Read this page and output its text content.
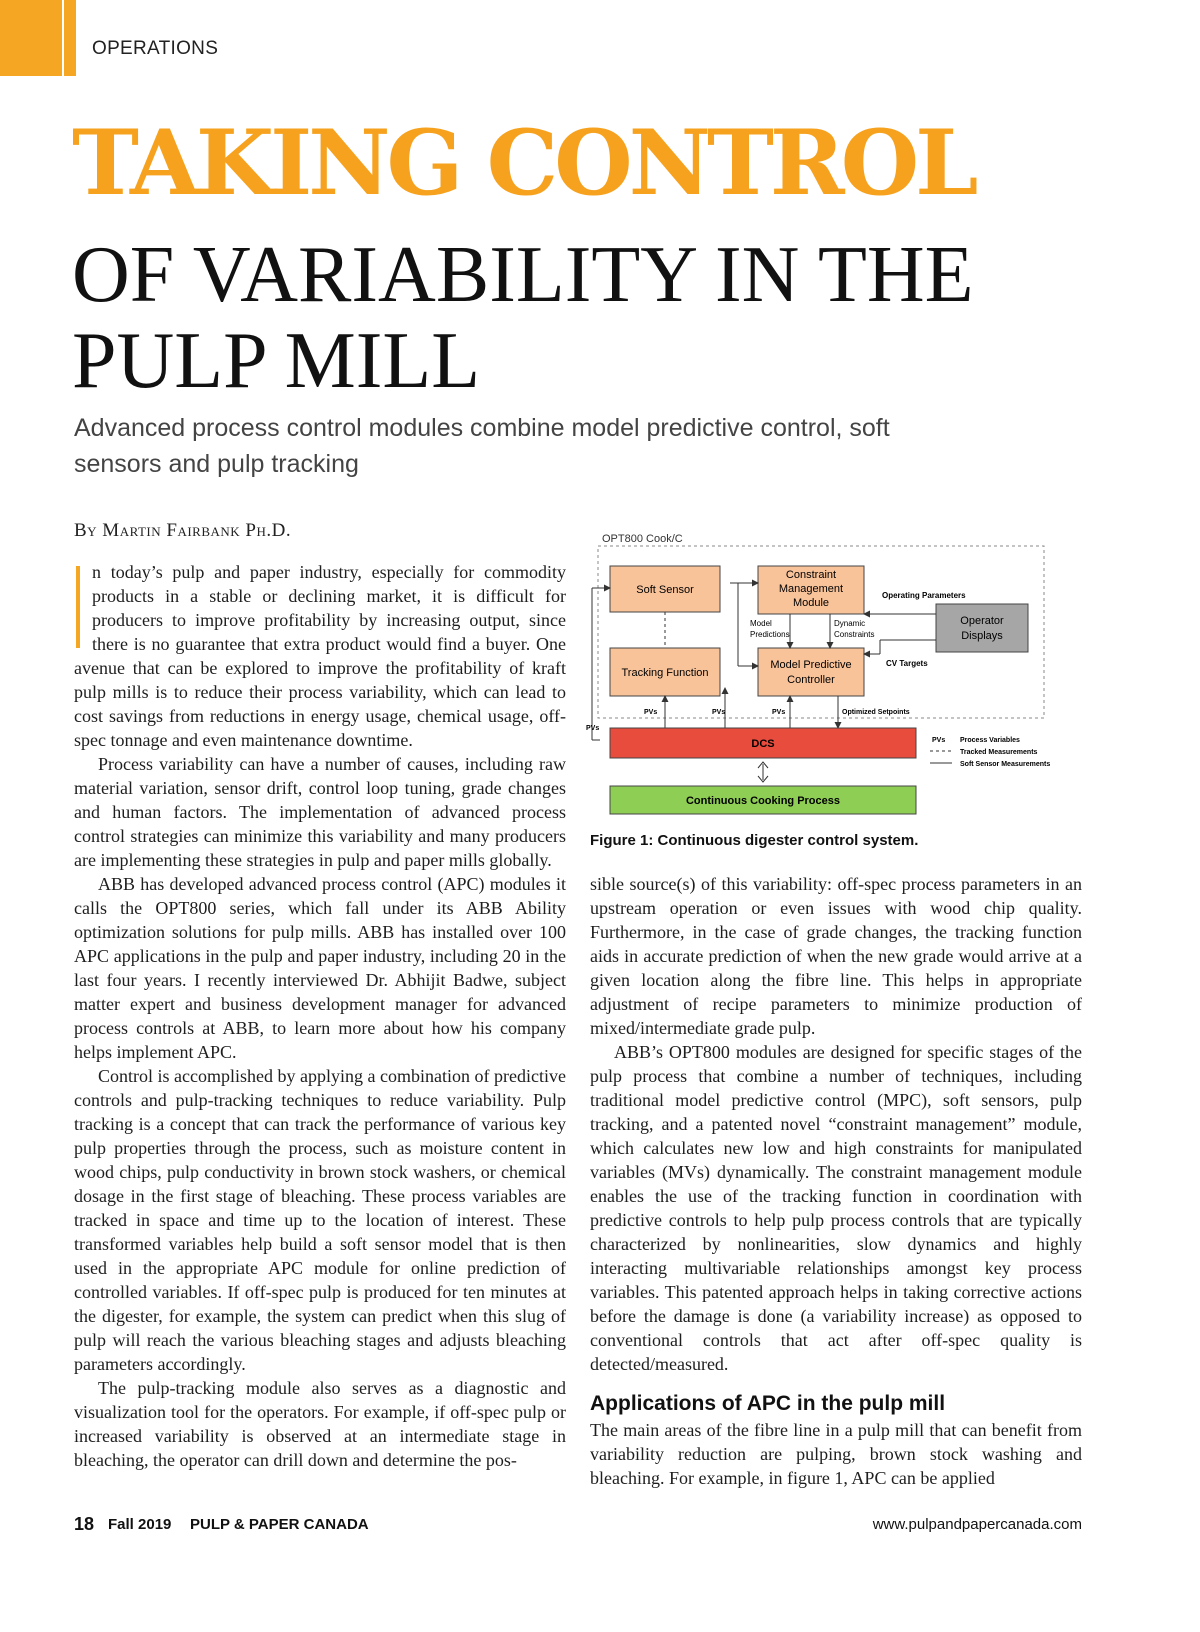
OPERATIONS
TAKING CONTROL
OF VARIABILITY IN THE PULP MILL
Advanced process control modules combine model predictive control, soft sensors and pulp tracking
By Martin Fairbank Ph.D.

n today’s pulp and paper industry, especially for commodity products in a stable or declining market, it is difficult for producers to improve profitability by increasing output, since there is no guarantee that extra product would find a buyer. One avenue that can be explored to improve the profitability of kraft pulp mills is to reduce their process variability, which can lead to cost savings from reductions in energy usage, chemical usage, off-spec tonnage and even maintenance downtime.

Process variability can have a number of causes, including raw material variation, sensor drift, control loop tuning, grade changes and human factors. The implementation of advanced process control strategies can minimize this variability and many producers are implementing these strategies in pulp and paper mills globally.

ABB has developed advanced process control (APC) modules it calls the OPT800 series, which fall under its ABB Ability optimization solutions for pulp mills. ABB has installed over 100 APC applications in the pulp and paper industry, including 20 in the last four years. I recently interviewed Dr. Abhijit Badwe, subject matter expert and business development manager for advanced process controls at ABB, to learn more about how his company helps implement APC.

Control is accomplished by applying a combination of predictive controls and pulp-tracking techniques to reduce variability. Pulp tracking is a concept that can track the performance of various key pulp properties through the process, such as moisture content in wood chips, pulp conductivity in brown stock washers, or chemical dosage in the first stage of bleaching. These process variables are tracked in space and time up to the location of interest. These transformed variables help build a soft sensor model that is then used in the appropriate APC module for online prediction of controlled variables. If off-spec pulp is produced for ten minutes at the digester, for example, the system can predict when this slug of pulp will reach the various bleaching stages and adjusts bleaching parameters accordingly.

The pulp-tracking module also serves as a diagnostic and visualization tool for the operators. For example, if off-spec pulp or increased variability is observed at an intermediate stage in bleaching, the operator can drill down and determine the pos-

OPT800 Cook/C
Soft Sensor
Constraint
Management
Module
Tracking Function
Model Predictive
Controller
Operator
Displays
Model
Predictions
Dynamic
Constraints
Operating Parameters
CV Targets
PVs	PVs	PVs	Optimized Setpoints
PVs
DCS
Continuous Cooking Process
PVs Process Variables
Tracked Measurements
Soft Sensor Measurements
Figure 1: Continuous digester control system.

sible source(s) of this variability: off-spec process parameters in an upstream operation or even issues with wood chip quality. Furthermore, in the case of grade changes, the tracking function aids in accurate prediction of when the new grade would arrive at a given location along the fibre line. This helps in appropriate adjustment of recipe parameters to minimize production of mixed/intermediate grade pulp.

ABB’s OPT800 modules are designed for specific stages of the pulp process that combine a number of techniques, including traditional model predictive control (MPC), soft sensors, pulp tracking, and a patented novel “constraint management” module, which calculates new low and high constraints for manipulated variables (MVs) dynamically. The constraint management module enables the use of the tracking function in coordination with predictive controls to help pulp process controls that are typically characterized by nonlinearities, slow dynamics and highly interacting multivariable relationships amongst key process variables. This patented approach helps in taking corrective actions before the damage is done (a variability increase) as opposed to conventional controls that act after off-spec quality is detected/measured.

Applications of APC in the pulp mill

The main areas of the fibre line in a pulp mill that can benefit from variability reduction are pulping, brown stock washing and bleaching. For example, in figure 1, APC can be applied

18 Fall 2019 PULP & PAPER CANADA	www.pulpandpapercanada.com
